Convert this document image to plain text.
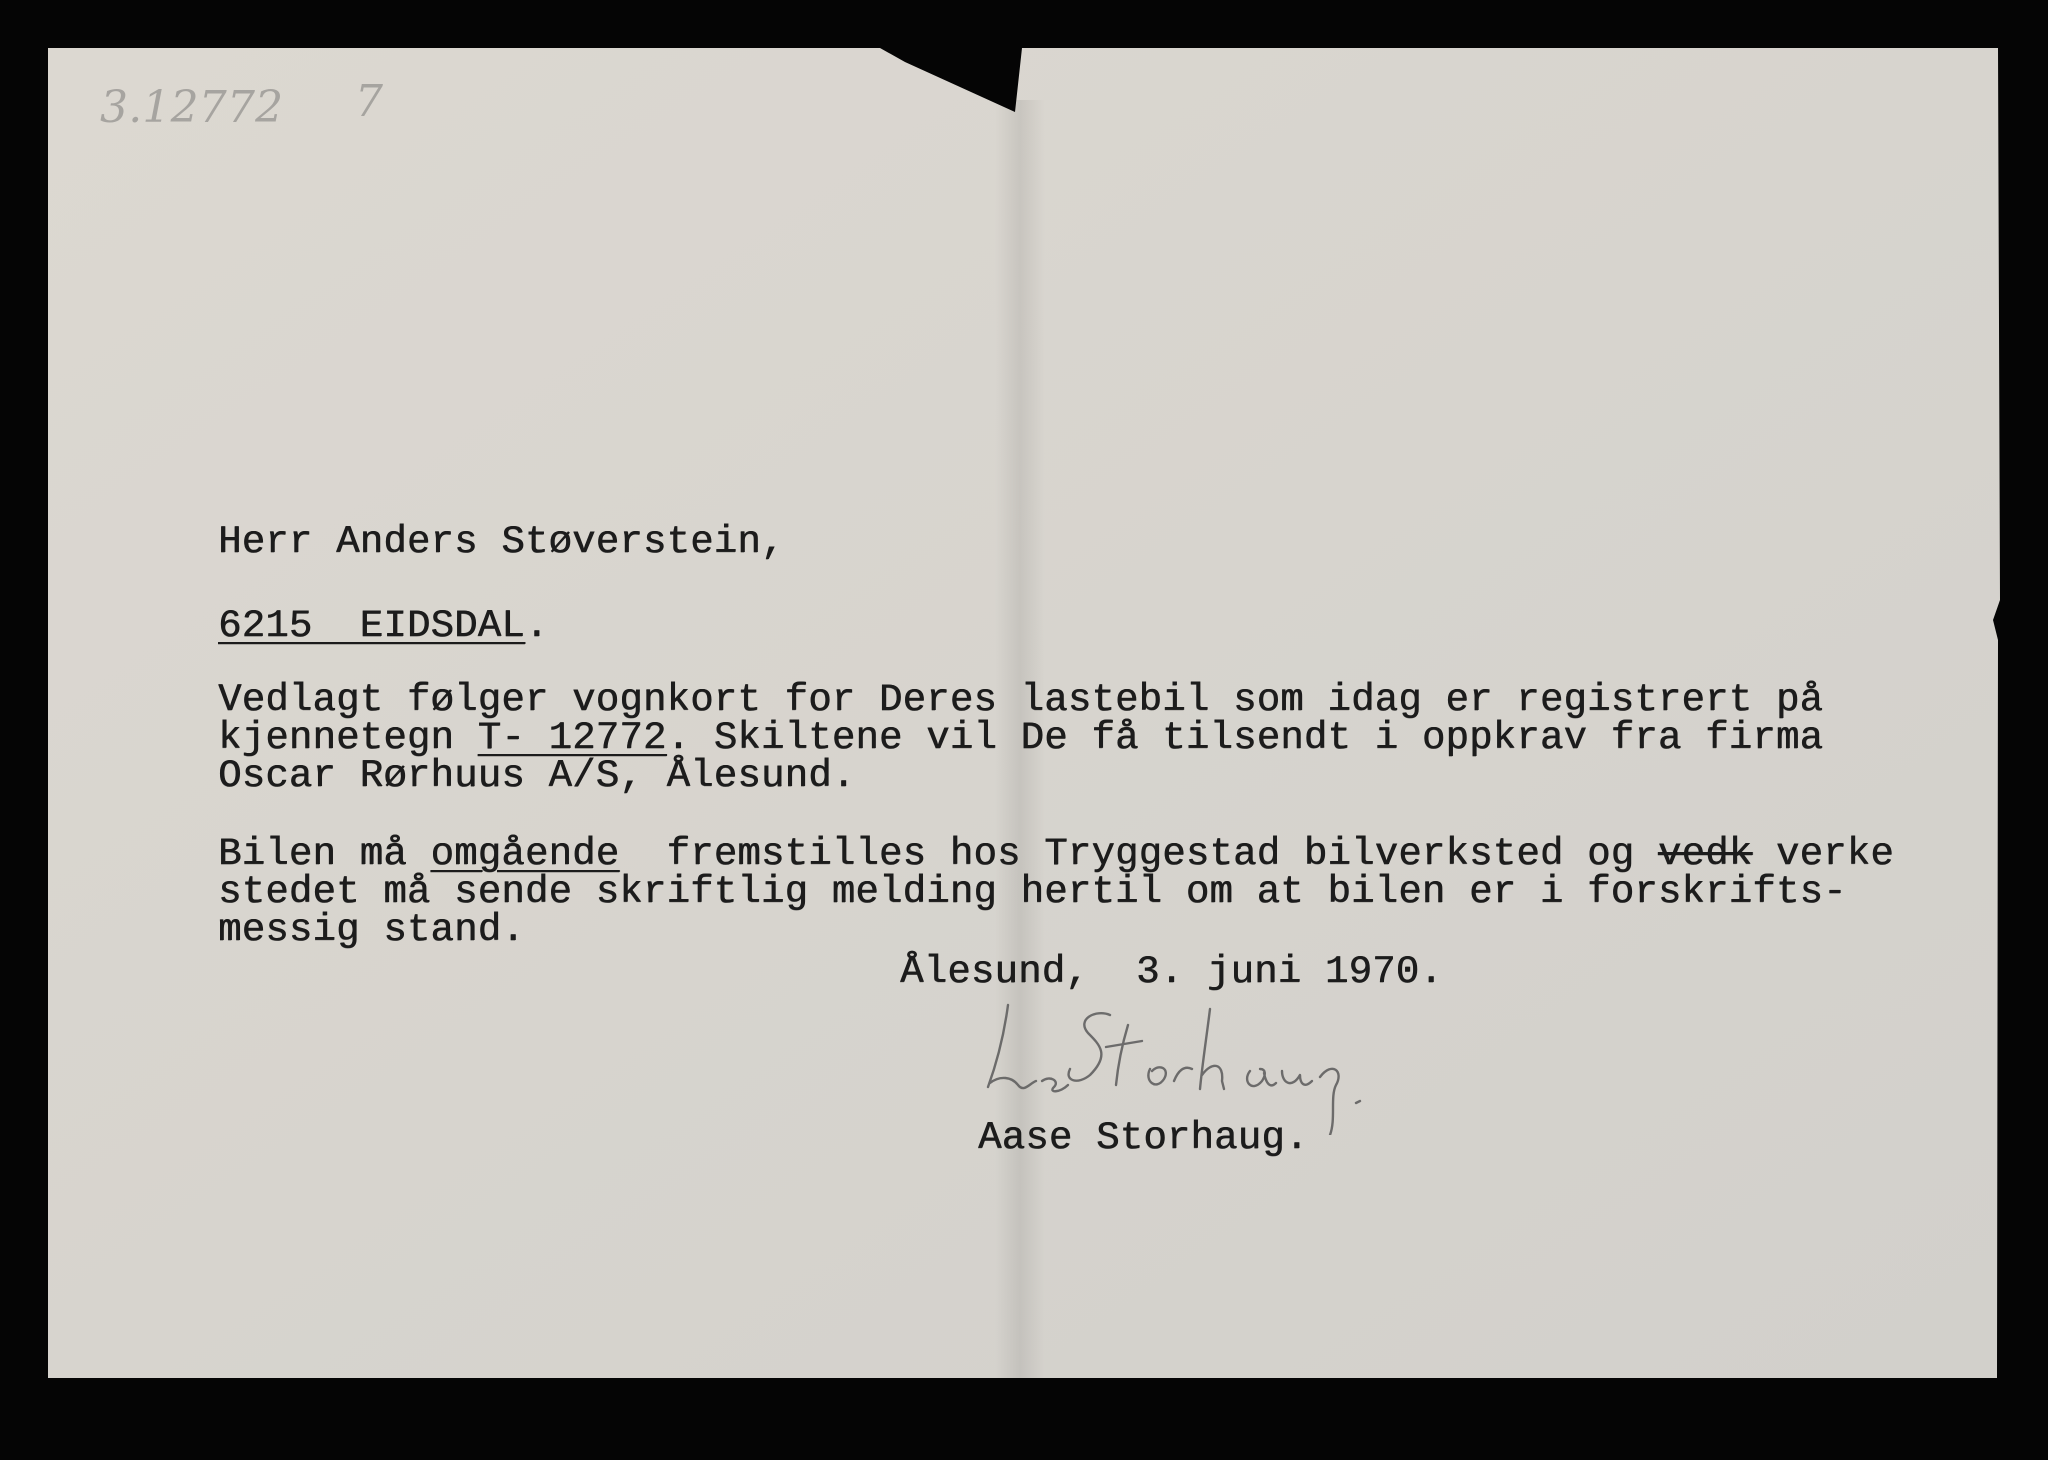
3.12772 7
Herr Anders Støverstein,
6215 EIDSDAL.
Vedlagt følger vognkort for Deres lastebil som idag er registrert på
kjennetegn T- 12772. Skiltene vil De få tilsendt i oppkrav fra firma
Oscar Rørhuus A/S, Ålesund.
Bilen må omgående  fremstilles hos Tryggestad bilverksted og vedk verke
stedet må sende skriftlig melding hertil om at bilen er i forskrifts-
messig stand.
Ålesund,  3. juni 1970.
Aase Storhaug.
